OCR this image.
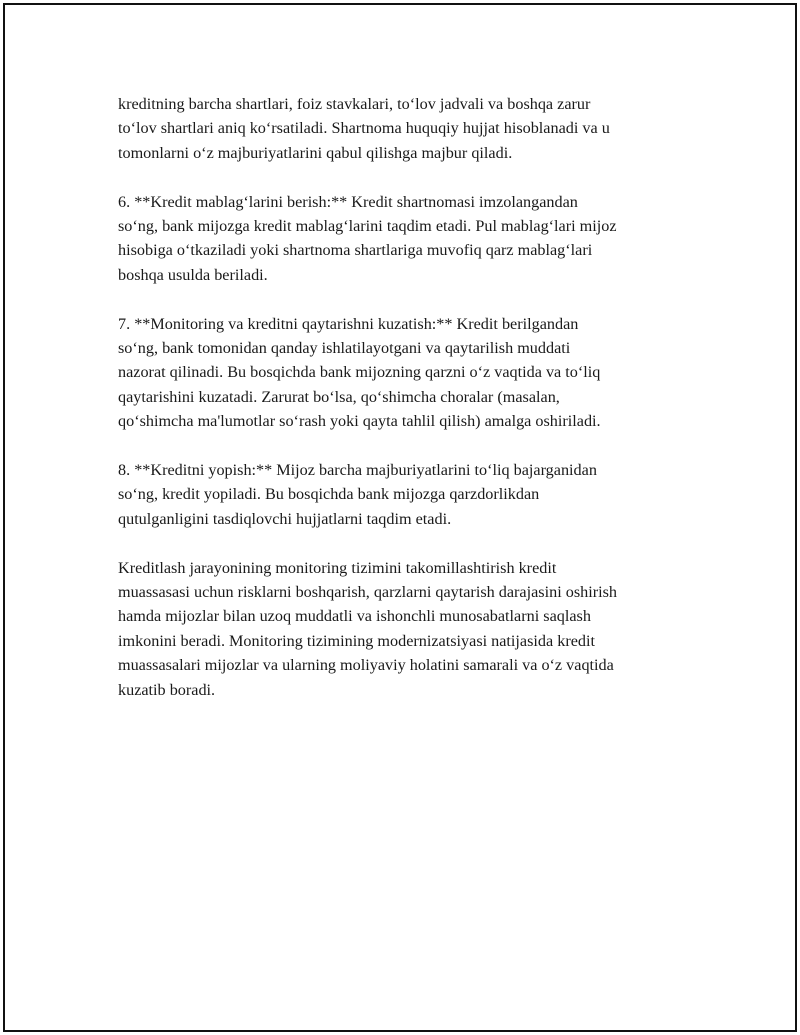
kreditning barcha shartlari, foiz stavkalari, to‘lov jadvali va boshqa zarur
to‘lov shartlari aniq ko‘rsatiladi. Shartnoma huquqiy hujjat hisoblanadi va u
tomonlarni o‘z majburiyatlarini qabul qilishga majbur qiladi.

6. **Kredit mablag‘larini berish:** Kredit shartnomasi imzolangandan
so‘ng, bank mijozga kredit mablag‘larini taqdim etadi. Pul mablag‘lari mijoz
hisobiga o‘tkaziladi yoki shartnoma shartlariga muvofiq qarz mablag‘lari
boshqa usulda beriladi.

7. **Monitoring va kreditni qaytarishni kuzatish:** Kredit berilgandan
so‘ng, bank tomonidan qanday ishlatilayotgani va qaytarilish muddati
nazorat qilinadi. Bu bosqichda bank mijozning qarzni o‘z vaqtida va to‘liq
qaytarishini kuzatadi. Zarurat bo‘lsa, qo‘shimcha choralar (masalan,
qo‘shimcha ma'lumotlar so‘rash yoki qayta tahlil qilish) amalga oshiriladi.

8. **Kreditni yopish:** Mijoz barcha majburiyatlarini to‘liq bajarganidan
so‘ng, kredit yopiladi. Bu bosqichda bank mijozga qarzdorlikdan
qutulganligini tasdiqlovchi hujjatlarni taqdim etadi.

Kreditlash jarayonining monitoring tizimini takomillashtirish kredit
muassasasi uchun risklarni boshqarish, qarzlarni qaytarish darajasini oshirish
hamda mijozlar bilan uzoq muddatli va ishonchli munosabatlarni saqlash
imkonini beradi. Monitoring tizimining modernizatsiyasi natijasida kredit
muassasalari mijozlar va ularning moliyaviy holatini samarali va o‘z vaqtida
kuzatib boradi.
